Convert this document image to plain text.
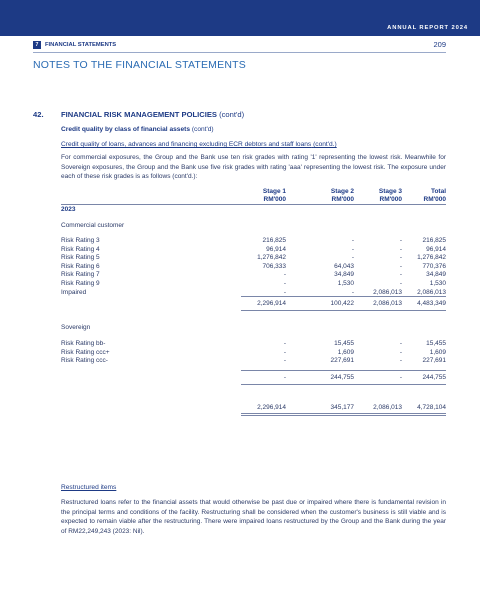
ANNUAL REPORT 2024
7	FINANCIAL STATEMENTS	209
NOTES TO THE FINANCIAL STATEMENTS
42. FINANCIAL RISK MANAGEMENT POLICIES (cont'd)
Credit quality by class of financial assets (cont'd)
Credit quality of loans, advances and financing excluding ECR debtors and staff loans (cont'd.)
For commercial exposures, the Group and the Bank use ten risk grades with rating '1' representing the lowest risk. Meanwhile for Sovereign exposures, the Group and the Bank use five risk grades with rating 'aaa' representing the lowest risk. The exposure under each of these risk grades is as follows (cont'd.):
Stage 1	Stage 2	Stage 3	Total
RM'000	RM'000	RM'000	RM'000
2023
Commercial customer
Restructured items
Restructured loans refer to the financial assets that would otherwise be past due or impaired where there is fundamental revision in the principal terms and conditions of the facility. Restructuring shall be considered when the customer's business is still viable and is expected to remain viable after the restructuring. There were impaired loans restructured by the Group and the Bank during the year of RM22,249,243 (2023: Nil).
Risk Rating 3	216,825	-	-	216,825
Risk Rating 4	96,914	-	-	96,914
Risk Rating 5	1,276,842	-	-	1,276,842
Risk Rating 6	706,333	64,043	-	770,376
Risk Rating 7	-	34,849	-	34,849
Risk Rating 9	-	1,530	-	1,530
Impaired	-	-	2,086,013	2,086,013
2,296,914	100,422	2,086,013	4,483,349
Sovereign
Risk Rating bb-	-	15,455	-	15,455
Risk Rating ccc+	-	1,609	-	1,609
Risk Rating ccc-	-	227,691	-	227,691
-	244,755	-	244,755
2,296,914	345,177	2,086,013	4,728,104
